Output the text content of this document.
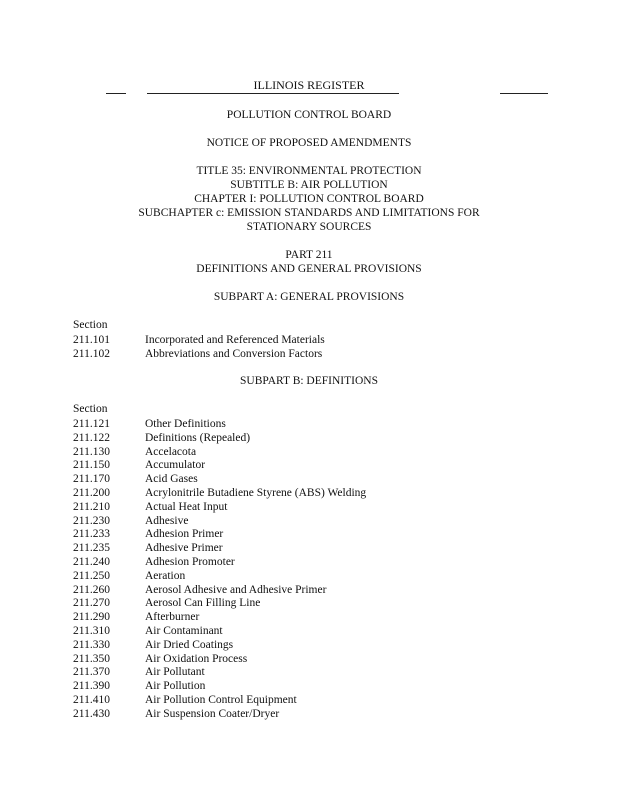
ILLINOIS REGISTER
POLLUTION CONTROL BOARD
NOTICE OF PROPOSED AMENDMENTS
TITLE 35: ENVIRONMENTAL PROTECTION
SUBTITLE B: AIR POLLUTION
CHAPTER I: POLLUTION CONTROL BOARD
SUBCHAPTER c: EMISSION STANDARDS AND LIMITATIONS FOR
STATIONARY SOURCES
PART 211
DEFINITIONS AND GENERAL PROVISIONS
SUBPART A: GENERAL PROVISIONS
Section
211.101	Incorporated and Referenced Materials
211.102	Abbreviations and Conversion Factors
SUBPART B: DEFINITIONS
Section
211.121	Other Definitions
211.122	Definitions (Repealed)
211.130	Accelacota
211.150	Accumulator
211.170	Acid Gases
211.200	Acrylonitrile Butadiene Styrene (ABS) Welding
211.210	Actual Heat Input
211.230	Adhesive
211.233	Adhesion Primer
211.235	Adhesive Primer
211.240	Adhesion Promoter
211.250	Aeration
211.260	Aerosol Adhesive and Adhesive Primer
211.270	Aerosol Can Filling Line
211.290	Afterburner
211.310	Air Contaminant
211.330	Air Dried Coatings
211.350	Air Oxidation Process
211.370	Air Pollutant
211.390	Air Pollution
211.410	Air Pollution Control Equipment
211.430	Air Suspension Coater/Dryer
